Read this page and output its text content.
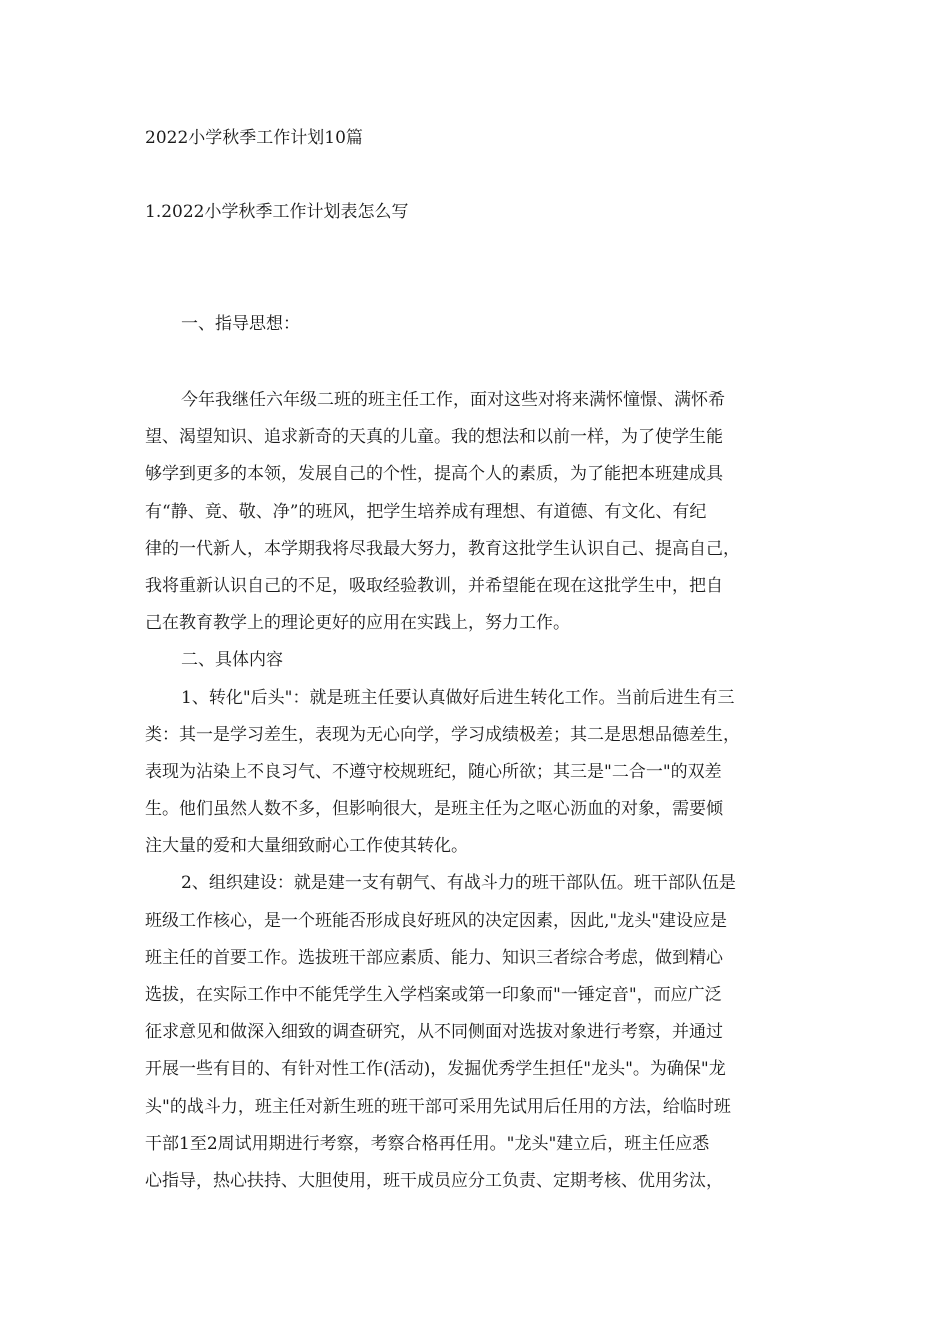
2022小学秋季工作计划10篇
1.2022小学秋季工作计划表怎么写
一、指导思想：
今年我继任六年级二班的班主任工作，面对这些对将来满怀憧憬、满怀希
望、渴望知识、追求新奇的天真的儿童。我的想法和以前一样，为了使学生能
够学到更多的本领，发展自己的个性，提高个人的素质，为了能把本班建成具
有“静、竟、敬、净”的班风，把学生培养成有理想、有道德、有文化、有纪
律的一代新人，本学期我将尽我最大努力，教育这批学生认识自己、提高自己，
我将重新认识自己的不足，吸取经验教训，并希望能在现在这批学生中，把自
己在教育教学上的理论更好的应用在实践上，努力工作。
二、具体内容
1、转化"后头"：就是班主任要认真做好后进生转化工作。当前后进生有三
类：其一是学习差生，表现为无心向学，学习成绩极差；其二是思想品德差生，
表现为沾染上不良习气、不遵守校规班纪，随心所欲；其三是"二合一"的双差
生。他们虽然人数不多，但影响很大，是班主任为之呕心沥血的对象，需要倾
注大量的爱和大量细致耐心工作使其转化。
2、组织建设：就是建一支有朝气、有战斗力的班干部队伍。班干部队伍是
班级工作核心，是一个班能否形成良好班风的决定因素，因此,"龙头"建设应是
班主任的首要工作。选拔班干部应素质、能力、知识三者综合考虑，做到精心
选拔，在实际工作中不能凭学生入学档案或第一印象而"一锤定音"，而应广泛
征求意见和做深入细致的调查研究，从不同侧面对选拔对象进行考察，并通过
开展一些有目的、有针对性工作(活动)，发掘优秀学生担任"龙头"。为确保"龙
头"的战斗力，班主任对新生班的班干部可采用先试用后任用的方法，给临时班
干部1至2周试用期进行考察，考察合格再任用。"龙头"建立后，班主任应悉
心指导，热心扶持、大胆使用，班干成员应分工负责、定期考核、优用劣汰，
